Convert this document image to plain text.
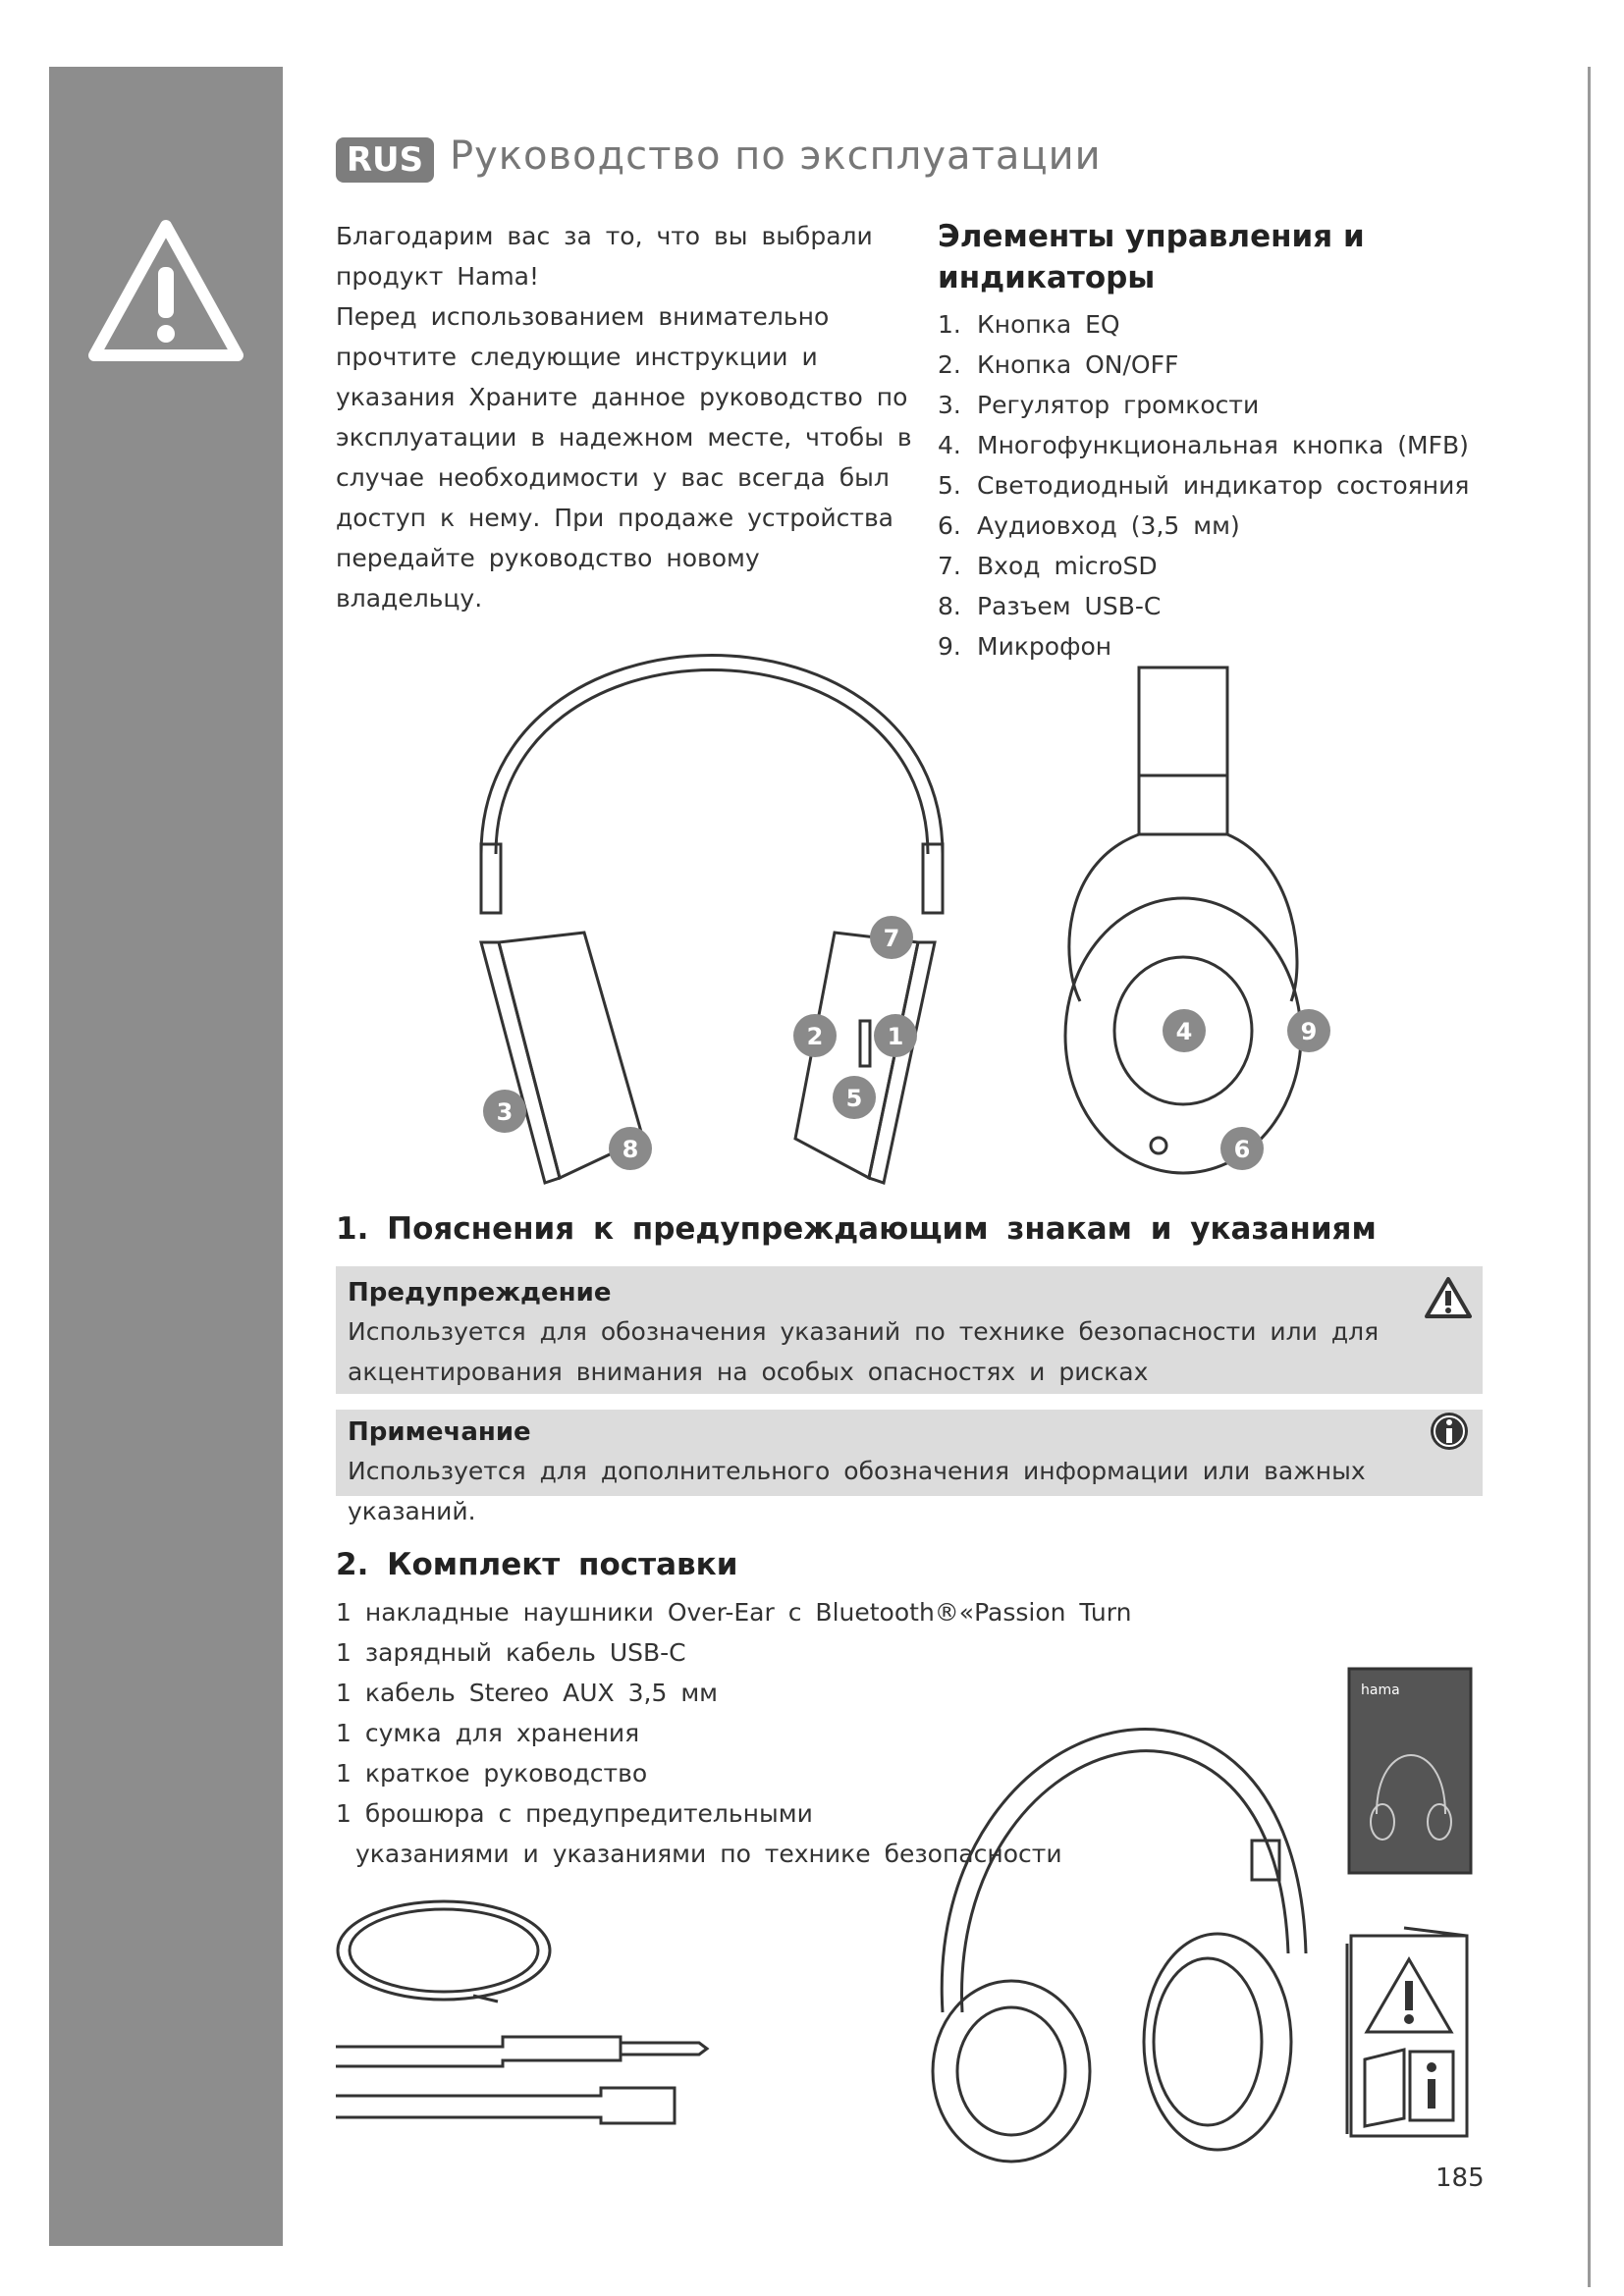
RUS Руководство по эксплуатации

Благодарим вас за то, что вы выбрали продукт Hama!

Перед использованием внимательно прочтите следующие инструкции и указания Храните данное руководство по эксплуатации в надежном месте, чтобы в случае необходимости у вас всегда был доступ к нему. При продаже устройства передайте руководство новому владельцу.

Элементы управления и индикаторы
1. Кнопка EQ
2. Кнопка ON/OFF
3. Регулятор громкости
4. Многофункциональная кнопка (MFB)
5. Светодиодный индикатор состояния
6. Аудиовход (3,5 мм)
7. Вход microSD
8. Разъем USB-C
9. Микрофон
7
2	1
5
3
8
4	9
6
1. Пояснения к предупреждающим знакам и указаниям
Предупреждение
Используется для обозначения указаний по технике безопасности или для акцентирования внимания на особых опасностях и рисках
Примечание
Используется для дополнительного обозначения информации или важных указаний.
2. Комплект поставки
1 накладные наушники Over-Ear с Bluetooth®«Passion Turn
1 зарядный кабель USB-C
1 кабель Stereo AUX 3,5 мм
1 сумка для хранения
1 краткое руководство
1 брошюра с предупредительными
указаниями и указаниями по технике безопасности
hama
185
